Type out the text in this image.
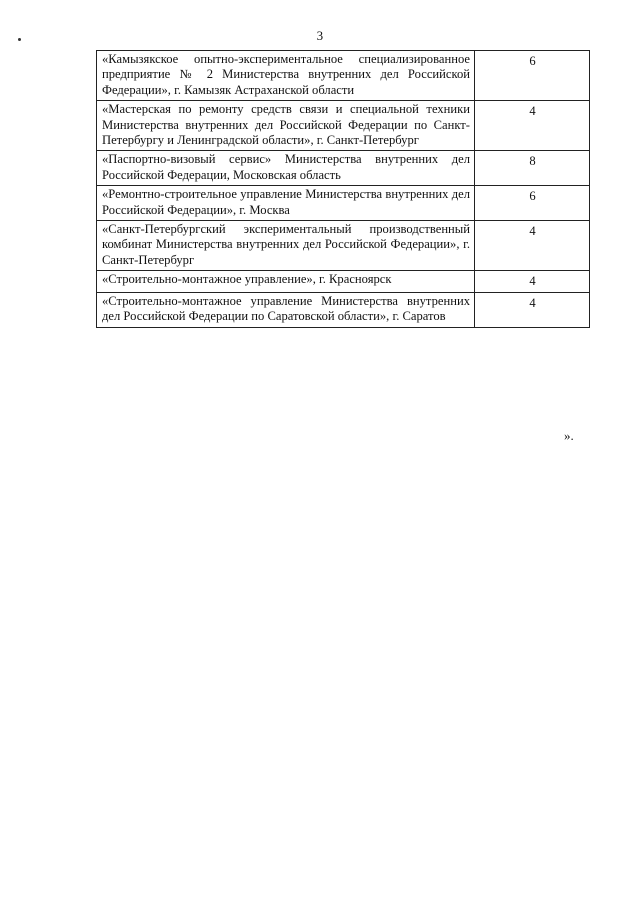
3
«Камызякское опытно-экспериментальное специализированное предприятие № 2 Министерства внутренних дел Российской Федерации», г. Камызяк Астраханской области	6
«Мастерская по ремонту средств связи и специальной техники Министерства внутренних дел Российской Федерации по Санкт-Петербургу и Ленинградской области», г. Санкт-Петербург	4
«Паспортно-визовый сервис» Министерства внутренних дел Российской Федерации, Московская область	8
«Ремонтно-строительное управление Министерства внутренних дел Российской Федерации», г. Москва	6
«Санкт-Петербургский экспериментальный производственный комбинат Министерства внутренних дел Российской Федерации», г. Санкт-Петербург	4
«Строительно-монтажное управление», г. Красноярск	4
«Строительно-монтажное управление Министерства внутренних дел Российской Федерации по Саратовской области», г. Саратов	4
».
